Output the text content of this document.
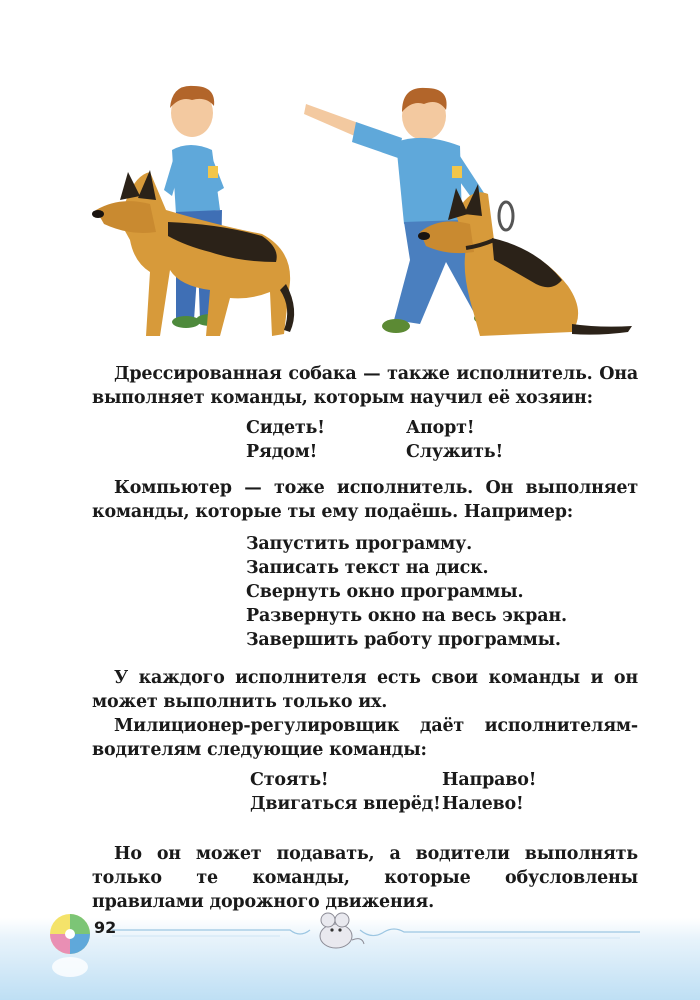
Дрессированная собака — также исполнитель. Она выполняет команды, которым научил её хозяин:
Сидеть!	Апорт!
Рядом!	Служить!
Компьютер — тоже исполнитель. Он выполняет команды, которые ты ему подаёшь. Например:
Запустить программу.
Записать текст на диск.
Свернуть окно программы.
Развернуть окно на весь экран.
Завершить работу программы.
У каждого исполнителя есть свои команды и он может выполнить только их.
Милиционер-регулировщик даёт исполнителям-водителям следующие команды:
Стоять!	Направо!
Двигаться вперёд! Налево!
Но он может подавать, а водители выполнять только те команды, которые обусловлены правилами дорожного движения.
92
